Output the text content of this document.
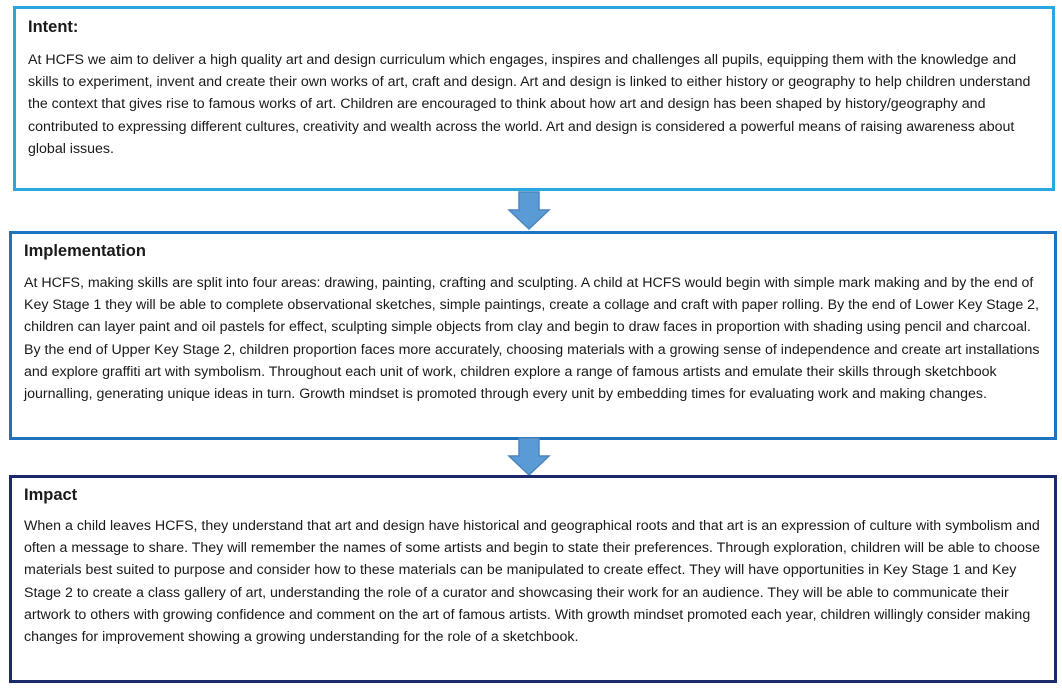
Intent:

At HCFS we aim to deliver a high quality art and design curriculum which engages, inspires and challenges all pupils, equipping them with the knowledge and skills to experiment, invent and create their own works of art, craft and design. Art and design is linked to either history or geography to help children understand the context that gives rise to famous works of art. Children are encouraged to think about how art and design has been shaped by history/geography and contributed to expressing different cultures, creativity and wealth across the world. Art and design is considered a powerful means of raising awareness about global issues.

Implementation

At HCFS, making skills are split into four areas: drawing, painting, crafting and sculpting. A child at HCFS would begin with simple mark making and by the end of Key Stage 1 they will be able to complete observational sketches, simple paintings, create a collage and craft with paper rolling. By the end of Lower Key Stage 2, children can layer paint and oil pastels for effect, sculpting simple objects from clay and begin to draw faces in proportion with shading using pencil and charcoal. By the end of Upper Key Stage 2, children proportion faces more accurately, choosing materials with a growing sense of independence and create art installations and explore graffiti art with symbolism. Throughout each unit of work, children explore a range of famous artists and emulate their skills through sketchbook journalling, generating unique ideas in turn. Growth mindset is promoted through every unit by embedding times for evaluating work and making changes.

Impact

When a child leaves HCFS, they understand that art and design have historical and geographical roots and that art is an expression of culture with symbolism and often a message to share. They will remember the names of some artists and begin to state their preferences. Through exploration, children will be able to choose materials best suited to purpose and consider how to these materials can be manipulated to create effect. They will have opportunities in Key Stage 1 and Key Stage 2 to create a class gallery of art, understanding the role of a curator and showcasing their work for an audience. They will be able to communicate their artwork to others with growing confidence and comment on the art of famous artists. With growth mindset promoted each year, children willingly consider making changes for improvement showing a growing understanding for the role of a sketchbook.
